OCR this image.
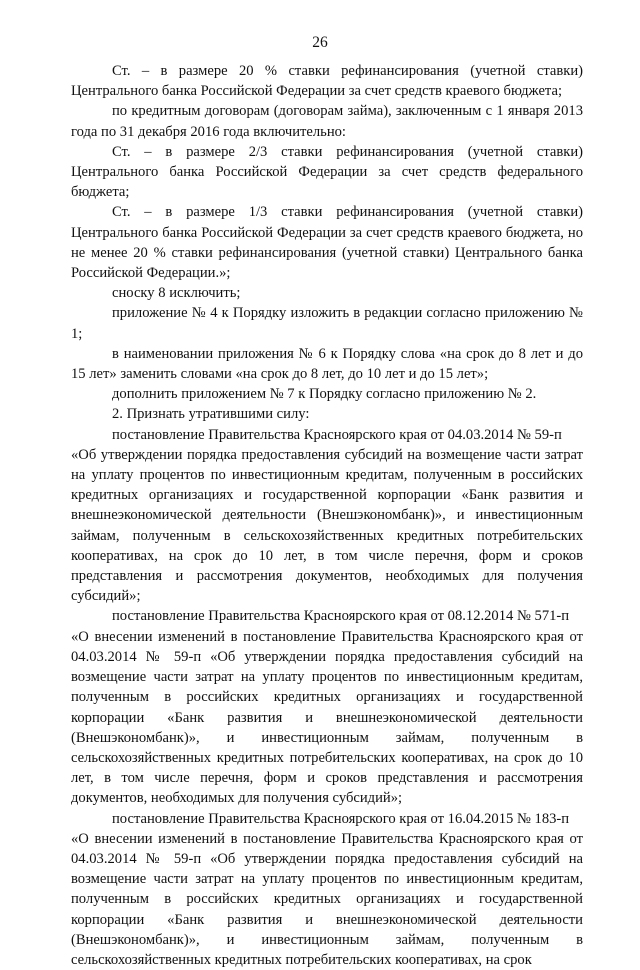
26

Ст. – в размере 20 % ставки рефинансирования (учетной ставки) Центрального банка Российской Федерации за счет средств краевого бюджета;

по кредитным договорам (договорам займа), заключенным с 1 января 2013 года по 31 декабря 2016 года включительно:

Ст. – в размере 2/3 ставки рефинансирования (учетной ставки) Центрального банка Российской Федерации за счет средств федерального бюджета;

Ст. – в размере 1/3 ставки рефинансирования (учетной ставки) Центрального банка Российской Федерации за счет средств краевого бюджета, но не менее 20 % ставки рефинансирования (учетной ставки) Центрального банка Российской Федерации.»;

сноску 8 исключить;

приложение № 4 к Порядку изложить в редакции согласно приложению № 1;

в наименовании приложения № 6 к Порядку слова «на срок до 8 лет и до 15 лет» заменить словами «на срок до 8 лет, до 10 лет и до 15 лет»;

дополнить приложением № 7 к Порядку согласно приложению № 2.

2. Признать утратившими силу:

постановление Правительства Красноярского края от 04.03.2014 № 59-п

«Об утверждении порядка предоставления субсидий на возмещение части затрат на уплату процентов по инвестиционным кредитам, полученным в российских кредитных организациях и государственной корпорации «Банк развития и внешнеэкономической деятельности (Внешэкономбанк)», и инвестиционным займам, полученным в сельскохозяйственных кредитных потребительских кооперативах, на срок до 10 лет, в том числе перечня, форм и сроков представления и рассмотрения документов, необходимых для получения субсидий»;

постановление Правительства Красноярского края от 08.12.2014 № 571-п

«О внесении изменений в постановление Правительства Красноярского края от 04.03.2014 № 59-п «Об утверждении порядка предоставления субсидий на возмещение части затрат на уплату процентов по инвестиционным кредитам, полученным в российских кредитных организациях и государственной корпорации «Банк развития и внешнеэкономической деятельности (Внешэкономбанк)», и инвестиционным займам, полученным в сельскохозяйственных кредитных потребительских кооперативах, на срок до 10 лет, в том числе перечня, форм и сроков представления и рассмотрения документов, необходимых для получения субсидий»;

постановление Правительства Красноярского края от 16.04.2015 № 183-п

«О внесении изменений в постановление Правительства Красноярского края от 04.03.2014 № 59-п «Об утверждении порядка предоставления субсидий на возмещение части затрат на уплату процентов по инвестиционным кредитам, полученным в российских кредитных организациях и государственной корпорации «Банк развития и внешнеэкономической деятельности (Внешэкономбанк)», и инвестиционным займам, полученным в сельскохозяйственных кредитных потребительских кооперативах, на срок
